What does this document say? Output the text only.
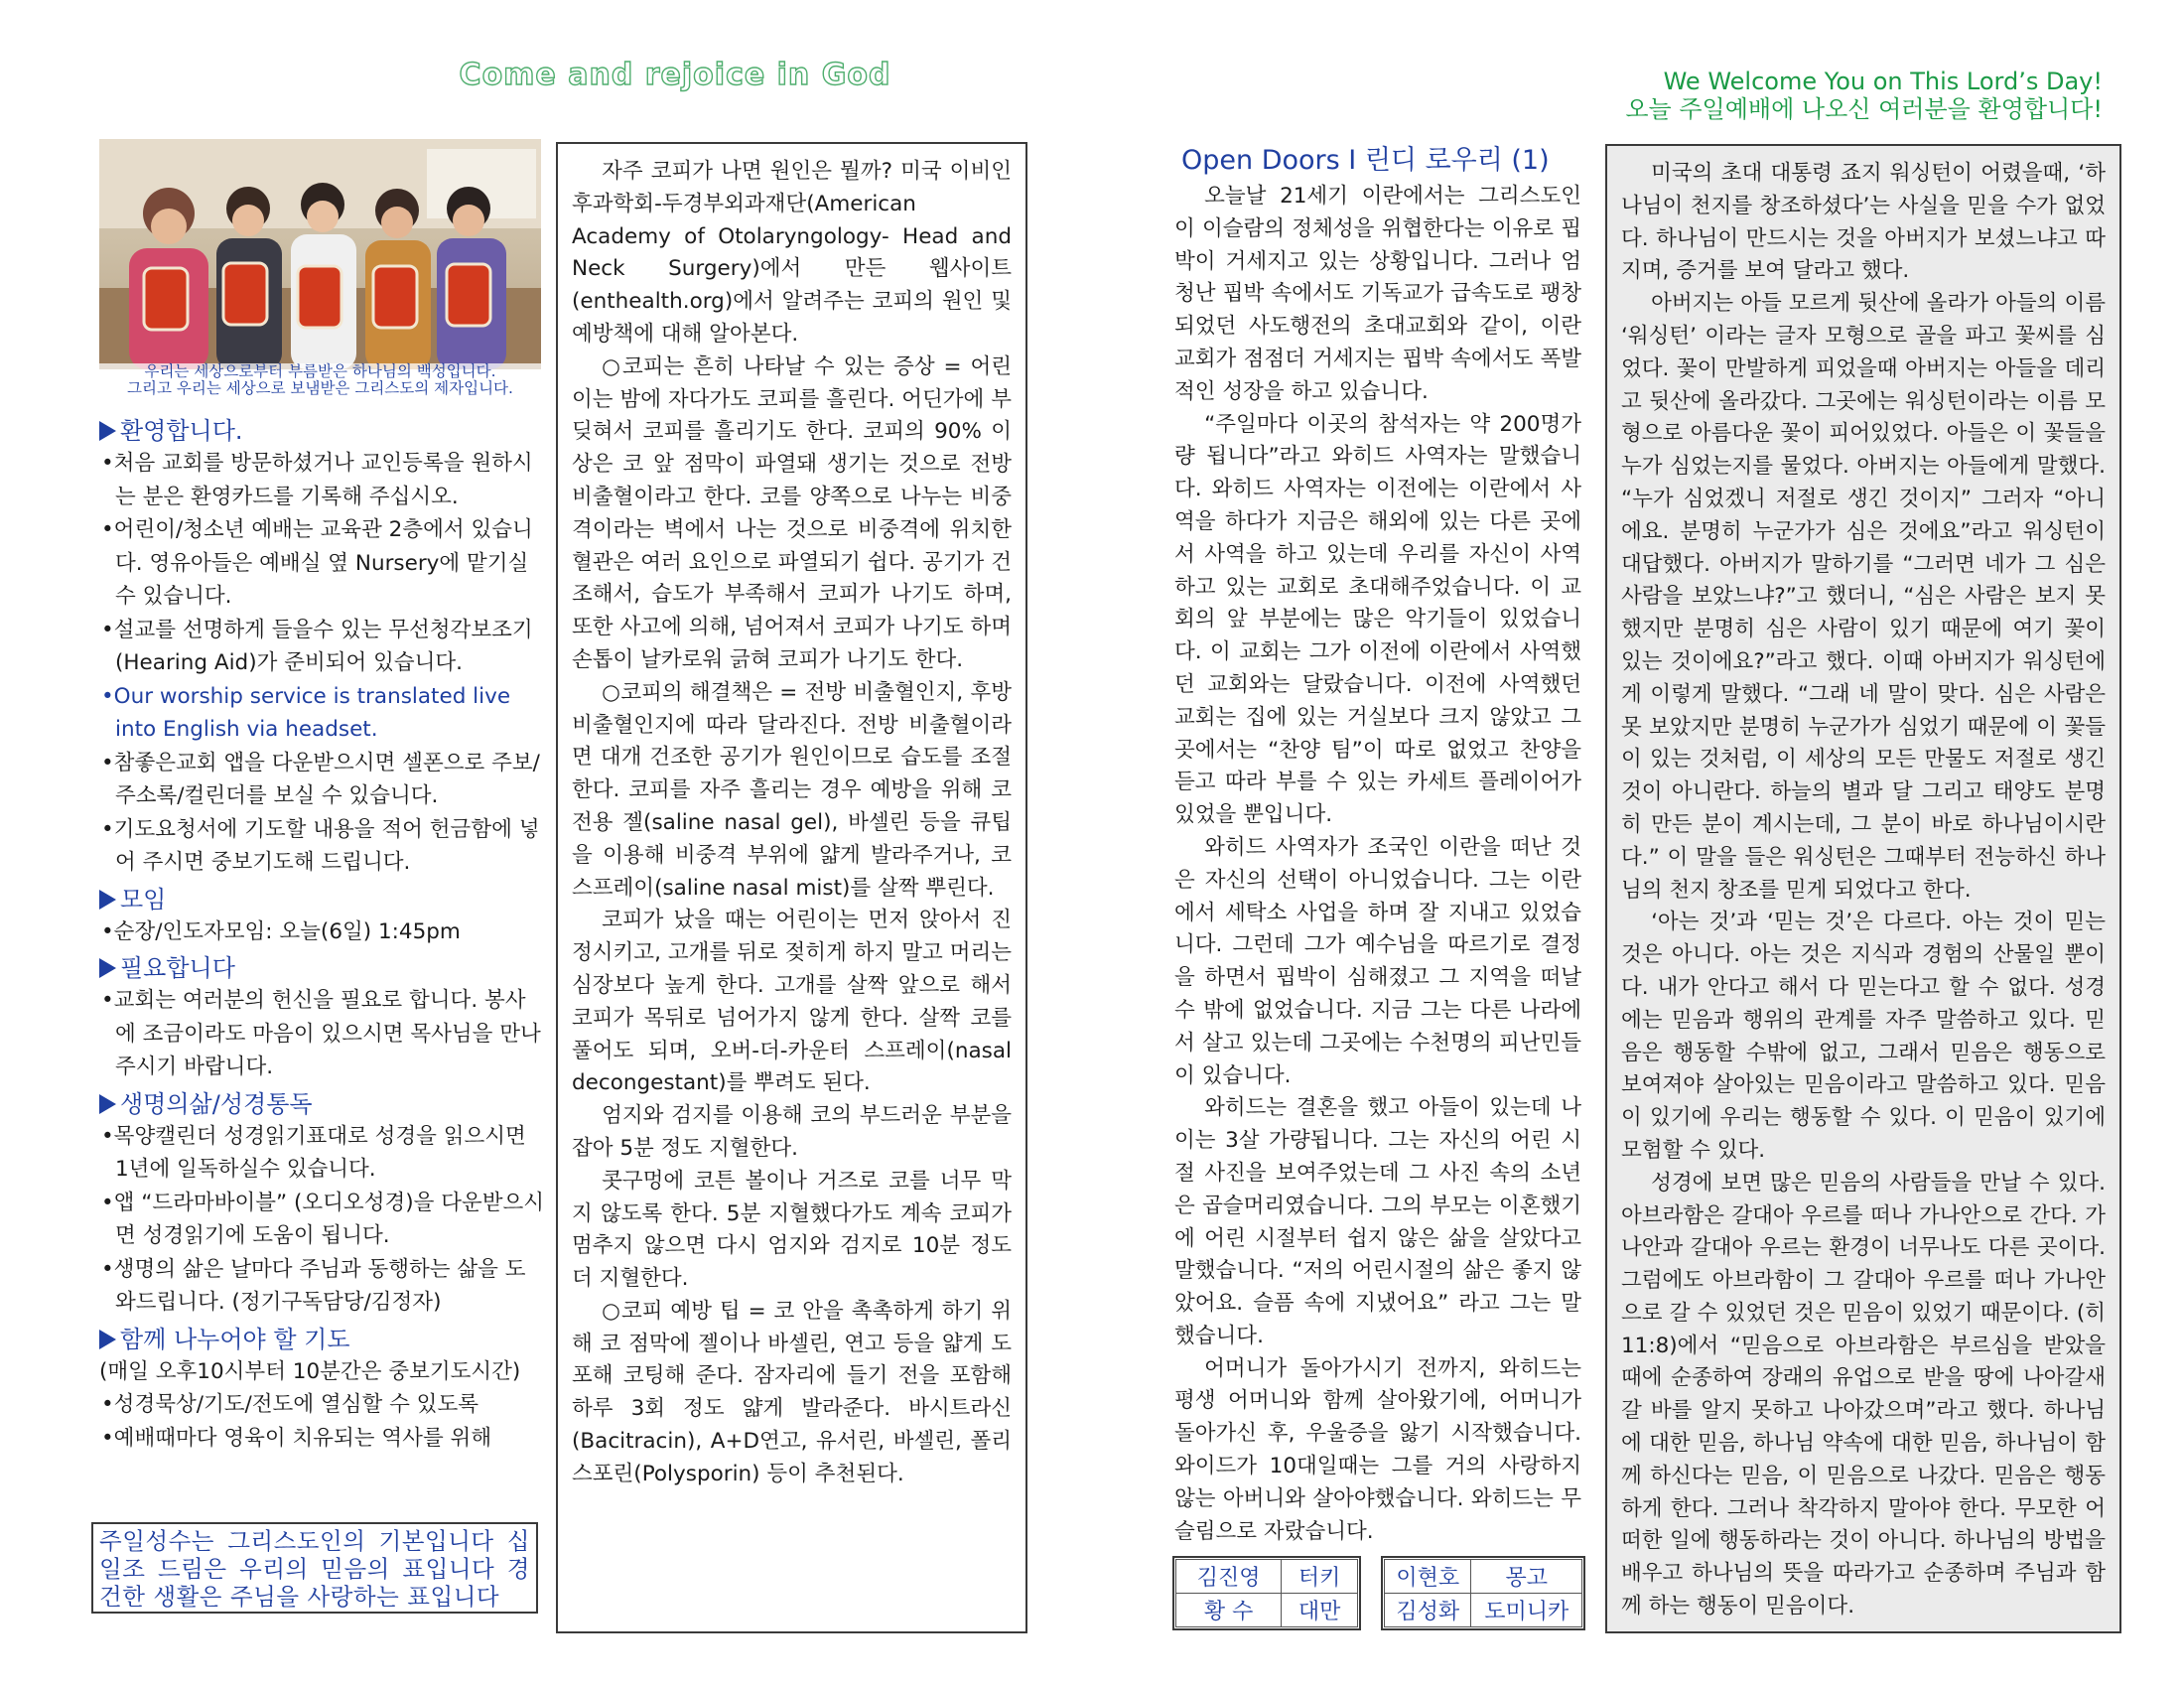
Come and rejoice in God	We Welcome You on This Lord’s Day!
오늘 주일예배에 나오신 여러분을 환영합니다!
우리는 세상으로부터 부름받은 하나님의 백성입니다.
그리고 우리는 세상으로 보냄받은 그리스도의 제자입니다.
환영합니다.
•처음 교회를 방문하셨거나 교인등록을 원하시는 분은 환영카드를 기록해 주십시오.
•어린이/청소년 예배는 교육관 2층에서 있습니다. 영유아들은 예배실 옆 Nursery에 맡기실 수 있습니다.
•설교를 선명하게 들을수 있는 무선청각보조기(Hearing Aid)가 준비되어 있습니다.
•Our worship service is translated live into English via headset.
•참좋은교회 앱을 다운받으시면 셀폰으로 주보/주소록/컬린더를 보실 수 있습니다.
•기도요청서에 기도할 내용을 적어 헌금함에 넣어 주시면 중보기도해 드립니다.
모임
•순장/인도자모임: 오늘(6일) 1:45pm
필요합니다
•교회는 여러분의 헌신을 필요로 합니다. 봉사에 조금이라도 마음이 있으시면 목사님을 만나 주시기 바랍니다.
생명의삶/성경통독
•목양캘린더 성경읽기표대로 성경을 읽으시면 1년에 일독하실수 있습니다.
•앱 “드라마바이블” (오디오성경)을 다운받으시면 성경읽기에 도움이 됩니다.
•생명의 삶은 날마다 주님과 동행하는 삶을 도와드립니다. (정기구독담당/김정자)
함께 나누어야 할 기도
(매일 오후10시부터 10분간은 중보기도시간)
•성경묵상/기도/전도에 열심할 수 있도록
•예배때마다 영육이 치유되는 역사를 위해

주일성수는 그리스도인의 기본입니다 십일조 드림은 우리의 믿음의 표입니다 경건한 생활은 주님을 사랑하는 표입니다

자주 코피가 나면 원인은 뭘까? 미국 이비인후과학회-두경부외과재단(American Academy of Otolaryngology- Head and Neck Surgery)에서 만든 웹사이트(enthealth.org)에서 알려주는 코피의 원인 및 예방책에 대해 알아본다.

○코피는 흔히 나타날 수 있는 증상 = 어린이는 밤에 자다가도 코피를 흘린다. 어딘가에 부딪혀서 코피를 흘리기도 한다. 코피의 90% 이상은 코 앞 점막이 파열돼 생기는 것으로 전방 비출혈이라고 한다. 코를 양쪽으로 나누는 비중격이라는 벽에서 나는 것으로 비중격에 위치한 혈관은 여러 요인으로 파열되기 쉽다. 공기가 건조해서, 습도가 부족해서 코피가 나기도 하며, 또한 사고에 의해, 넘어져서 코피가 나기도 하며 손톱이 날카로워 긁혀 코피가 나기도 한다.

○코피의 해결책은 = 전방 비출혈인지, 후방 비출혈인지에 따라 달라진다. 전방 비출혈이라면 대개 건조한 공기가 원인이므로 습도를 조절한다. 코피를 자주 흘리는 경우 예방을 위해 코 전용 젤(saline nasal gel), 바셀린 등을 큐팁을 이용해 비중격 부위에 얇게 발라주거나, 코 스프레이(saline nasal mist)를 살짝 뿌린다.

코피가 났을 때는 어린이는 먼저 앉아서 진정시키고, 고개를 뒤로 젖히게 하지 말고 머리는 심장보다 높게 한다. 고개를 살짝 앞으로 해서 코피가 목뒤로 넘어가지 않게 한다. 살짝 코를 풀어도 되며, 오버-더-카운터 스프레이(nasal decongestant)를 뿌려도 된다.

엄지와 검지를 이용해 코의 부드러운 부분을 잡아 5분 정도 지혈한다.

콧구멍에 코튼 볼이나 거즈로 코를 너무 막지 않도록 한다. 5분 지혈했다가도 계속 코피가 멈추지 않으면 다시 엄지와 검지로 10분 정도 더 지혈한다.

○코피 예방 팁 = 코 안을 촉촉하게 하기 위해 코 점막에 젤이나 바셀린, 연고 등을 얇게 도포해 코팅해 준다. 잠자리에 들기 전을 포함해 하루 3회 정도 얇게 발라준다. 바시트라신(Bacitracin), A+D연고, 유서린, 바셀린, 폴리스포린(Polysporin) 등이 추천된다.

Open Doors I 린디 로우리 (1)

오늘날 21세기 이란에서는 그리스도인이 이슬람의 정체성을 위협한다는 이유로 핍박이 거세지고 있는 상황입니다. 그러나 엄청난 핍박 속에서도 기독교가 급속도로 팽창되었던 사도행전의 초대교회와 같이, 이란 교회가 점점더 거세지는 핍박 속에서도 폭발적인 성장을 하고 있습니다.

“주일마다 이곳의 참석자는 약 200명가량 됩니다”라고 와히드 사역자는 말했습니다. 와히드 사역자는 이전에는 이란에서 사역을 하다가 지금은 해외에 있는 다른 곳에서 사역을 하고 있는데 우리를 자신이 사역하고 있는 교회로 초대해주었습니다. 이 교회의 앞 부분에는 많은 악기들이 있었습니다. 이 교회는 그가 이전에 이란에서 사역했던 교회와는 달랐습니다. 이전에 사역했던 교회는 집에 있는 거실보다 크지 않았고 그곳에서는 “찬양 팀”이 따로 없었고 찬양을 듣고 따라 부를 수 있는 카세트 플레이어가 있었을 뿐입니다.

와히드 사역자가 조국인 이란을 떠난 것은 자신의 선택이 아니었습니다. 그는 이란에서 세탁소 사업을 하며 잘 지내고 있었습니다. 그런데 그가 예수님을 따르기로 결정을 하면서 핍박이 심해졌고 그 지역을 떠날 수 밖에 없었습니다. 지금 그는 다른 나라에서 살고 있는데 그곳에는 수천명의 피난민들이 있습니다.

와히드는 결혼을 했고 아들이 있는데 나이는 3살 가량됩니다. 그는 자신의 어린 시절 사진을 보여주었는데 그 사진 속의 소년은 곱슬머리였습니다. 그의 부모는 이혼했기에 어린 시절부터 쉽지 않은 삶을 살았다고 말했습니다. “저의 어린시절의 삶은 좋지 않았어요. 슬픔 속에 지냈어요” 라고 그는 말했습니다.

어머니가 돌아가시기 전까지, 와히드는 평생 어머니와 함께 살아왔기에, 어머니가 돌아가신 후, 우울증을 앓기 시작했습니다. 와이드가 10대일때는 그를 거의 사랑하지 않는 아버니와 살아야했습니다. 와히드는 무슬림으로 자랐습니다.

김진영	터키
황 수	대만
이현호	몽고
김성화	도미니카

미국의 초대 대통령 죠지 워싱턴이 어렸을때, ‘하나님이 천지를 창조하셨다’는 사실을 믿을 수가 없었다. 하나님이 만드시는 것을 아버지가 보셨느냐고 따지며, 증거를 보여 달라고 했다.

아버지는 아들 모르게 뒷산에 올라가 아들의 이름 ‘워싱턴’ 이라는 글자 모형으로 골을 파고 꽃씨를 심었다. 꽃이 만발하게 피었을때 아버지는 아들을 데리고 뒷산에 올라갔다. 그곳에는 워싱턴이라는 이름 모형으로 아름다운 꽃이 피어있었다. 아들은 이 꽃들을 누가 심었는지를 물었다. 아버지는 아들에게 말했다. “누가 심었겠니 저절로 생긴 것이지” 그러자 “아니에요. 분명히 누군가가 심은 것에요”라고 워싱턴이 대답했다. 아버지가 말하기를 “그러면 네가 그 심은 사람을 보았느냐?”고 했더니, “심은 사람은 보지 못했지만 분명히 심은 사람이 있기 때문에 여기 꽃이 있는 것이에요?”라고 했다. 이때 아버지가 워싱턴에게 이렇게 말했다. “그래 네 말이 맞다. 심은 사람은 못 보았지만 분명히 누군가가 심었기 때문에 이 꽃들이 있는 것처럼, 이 세상의 모든 만물도 저절로 생긴 것이 아니란다. 하늘의 별과 달 그리고 태양도 분명히 만든 분이 계시는데, 그 분이 바로 하나님이시란다.” 이 말을 들은 워싱턴은 그때부터 전능하신 하나님의 천지 창조를 믿게 되었다고 한다.

‘아는 것’과 ‘믿는 것’은 다르다. 아는 것이 믿는 것은 아니다. 아는 것은 지식과 경험의 산물일 뿐이다. 내가 안다고 해서 다 믿는다고 할 수 없다. 성경에는 믿음과 행위의 관계를 자주 말씀하고 있다. 믿음은 행동할 수밖에 없고, 그래서 믿음은 행동으로 보여져야 살아있는 믿음이라고 말씀하고 있다. 믿음이 있기에 우리는 행동할 수 있다. 이 믿음이 있기에 모험할 수 있다.

성경에 보면 많은 믿음의 사람들을 만날 수 있다. 아브라함은 갈대아 우르를 떠나 가나안으로 간다. 가나안과 갈대아 우르는 환경이 너무나도 다른 곳이다. 그럼에도 아브라함이 그 갈대아 우르를 떠나 가나안으로 갈 수 있었던 것은 믿음이 있었기 때문이다. (히11:8)에서 “믿음으로 아브라함은 부르심을 받았을 때에 순종하여 장래의 유업으로 받을 땅에 나아갈새 갈 바를 알지 못하고 나아갔으며”라고 했다. 하나님에 대한 믿음, 하나님 약속에 대한 믿음, 하나님이 함께 하신다는 믿음, 이 믿음으로 나갔다. 믿음은 행동하게 한다. 그러나 착각하지 말아야 한다. 무모한 어떠한 일에 행동하라는 것이 아니다. 하나님의 방법을 배우고 하나님의 뜻을 따라가고 순종하며 주님과 함께 하는 행동이 믿음이다.
